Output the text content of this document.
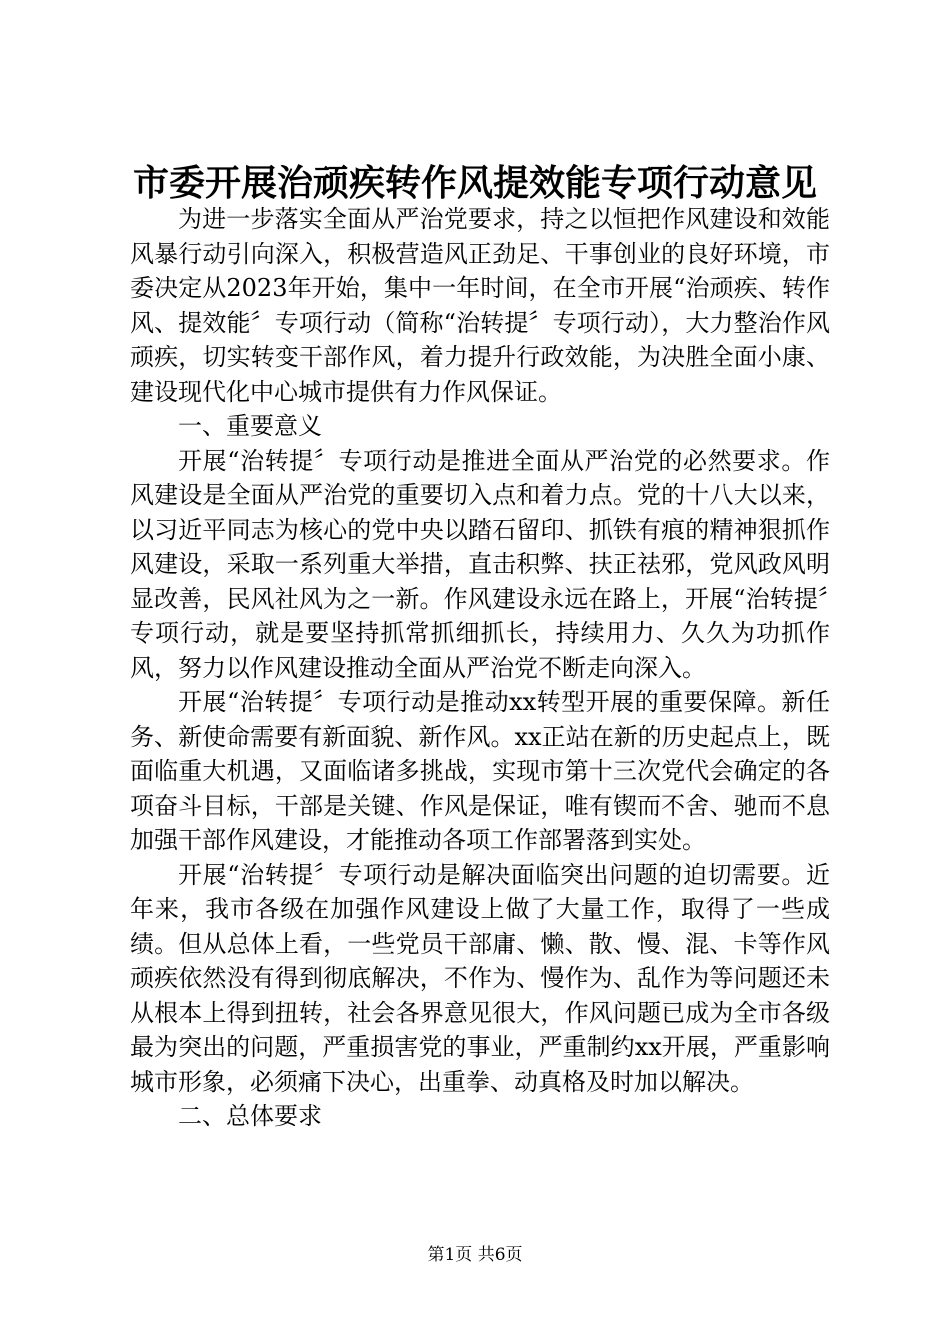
市委开展治顽疾转作风提效能专项行动意见

为进一步落实全面从严治党要求，持之以恒把作风建设和效能风暴行动引向深入，积极营造风正劲足、干事创业的良好环境，市委决定从2023年开始，集中一年时间，在全市开展“治顽疾、转作风、提效能〞专项行动（简称“治转提〞专项行动），大力整治作风顽疾，切实转变干部作风，着力提升行政效能，为决胜全面小康、建设现代化中心城市提供有力作风保证。

一、重要意义

开展“治转提〞专项行动是推进全面从严治党的必然要求。作风建设是全面从严治党的重要切入点和着力点。党的十八大以来，以习近平同志为核心的党中央以踏石留印、抓铁有痕的精神狠抓作风建设，采取一系列重大举措，直击积弊、扶正祛邪，党风政风明显改善，民风社风为之一新。作风建设永远在路上，开展“治转提〞专项行动，就是要坚持抓常抓细抓长，持续用力、久久为功抓作风，努力以作风建设推动全面从严治党不断走向深入。

开展“治转提〞专项行动是推动xx转型开展的重要保障。新任务、新使命需要有新面貌、新作风。xx正站在新的历史起点上，既面临重大机遇，又面临诸多挑战，实现市第十三次党代会确定的各项奋斗目标，干部是关键、作风是保证，唯有锲而不舍、驰而不息加强干部作风建设，才能推动各项工作部署落到实处。

开展“治转提〞专项行动是解决面临突出问题的迫切需要。近年来，我市各级在加强作风建设上做了大量工作，取得了一些成绩。但从总体上看，一些党员干部庸、懒、散、慢、混、卡等作风顽疾依然没有得到彻底解决，不作为、慢作为、乱作为等问题还未从根本上得到扭转，社会各界意见很大，作风问题已成为全市各级最为突出的问题，严重损害党的事业，严重制约xx开展，严重影响城市形象，必须痛下决心，出重拳、动真格及时加以解决。

二、总体要求

第1页 共6页
